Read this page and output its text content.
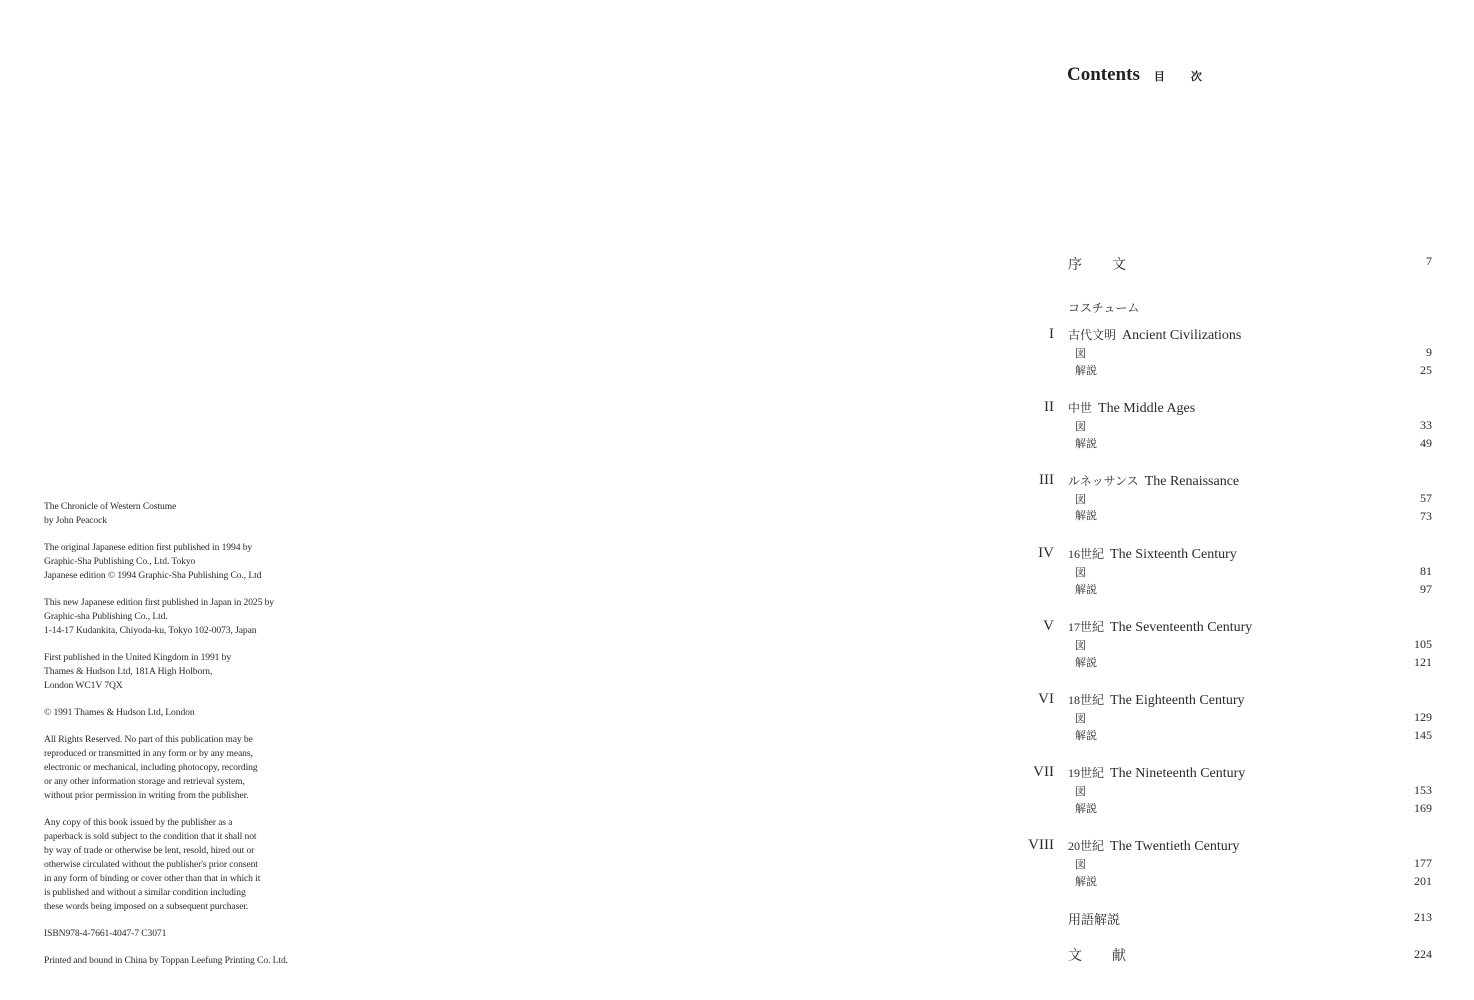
The Chronicle of Western Costume
by John Peacock
The original Japanese edition first published in 1994 by
Graphic-Sha Publishing Co., Ltd. Tokyo
Japanese edition © 1994 Graphic-Sha Publishing Co., Ltd
This new Japanese edition first published in Japan in 2025 by
Graphic-sha Publishing Co., Ltd.
1-14-17 Kudankita, Chiyoda-ku, Tokyo 102-0073, Japan
First published in the United Kingdom in 1991 by
Thames & Hudson Ltd, 181A High Holborn,
London WC1V 7QX
© 1991 Thames & Hudson Ltd, London
All Rights Reserved. No part of this publication may be
reproduced or transmitted in any form or by any means,
electronic or mechanical, including photocopy, recording
or any other information storage and retrieval system,
without prior permission in writing from the publisher.
Any copy of this book issued by the publisher as a
paperback is sold subject to the condition that it shall not
by way of trade or otherwise be lent, resold, hired out or
otherwise circulated without the publisher's prior consent
in any form of binding or cover other than that in which it
is published and without a similar condition including
these words being imposed on a subsequent purchaser.
ISBN978-4-7661-4047-7 C3071
Printed and bound in China by Toppan Leefung Printing Co. Ltd.
Contents 目次
序文	7
コスチューム
I 古代文明 Ancient Civilizations
図	9
解説	25
II 中世 The Middle Ages
図	33
解説	49
III ルネッサンス The Renaissance
図	57
解説	73
IV 16世紀 The Sixteenth Century
図	81
解説	97
V 17世紀 The Seventeenth Century
図	105
解説	121
VI 18世紀 The Eighteenth Century
図	129
解説	145
VII 19世紀 The Nineteenth Century
図	153
解説	169
VIII 20世紀 The Twentieth Century
図	177
解説	201
用語解説	213
文献	224
